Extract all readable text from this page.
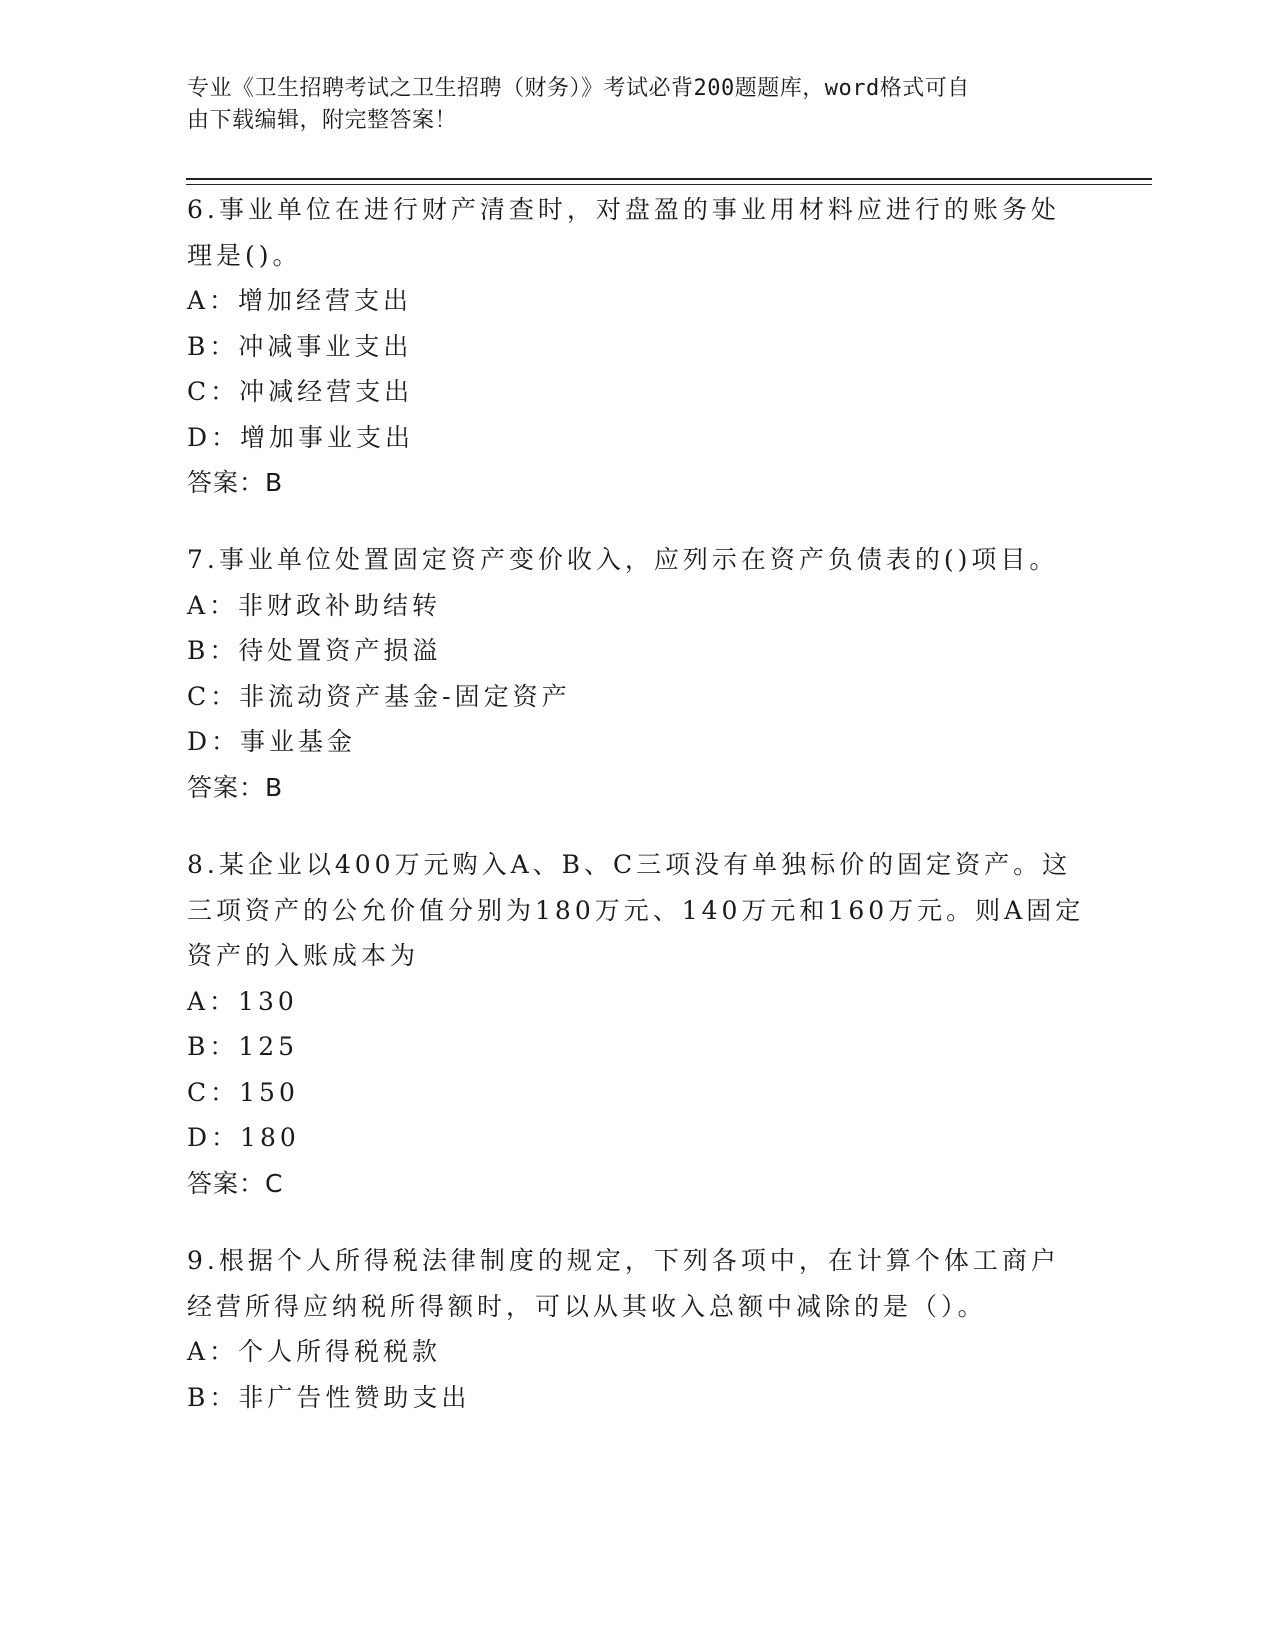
专业《卫生招聘考试之卫生招聘（财务）》考试必背200题题库，word格式可自
由下载编辑，附完整答案！
6.事业单位在进行财产清查时，对盘盈的事业用材料应进行的账务处
理是()。
A：增加经营支出
B：冲减事业支出
C：冲减经营支出
D：增加事业支出
答案：B
7.事业单位处置固定资产变价收入，应列示在资产负债表的()项目。
A：非财政补助结转
B：待处置资产损溢
C：非流动资产基金-固定资产
D：事业基金
答案：B
8.某企业以400万元购入A、B、C三项没有单独标价的固定资产。这
三项资产的公允价值分别为180万元、140万元和160万元。则A固定
资产的入账成本为
A：130
B：125
C：150
D：180
答案：C
9.根据个人所得税法律制度的规定，下列各项中，在计算个体工商户
经营所得应纳税所得额时，可以从其收入总额中减除的是（）。
A：个人所得税税款
B：非广告性赞助支出
